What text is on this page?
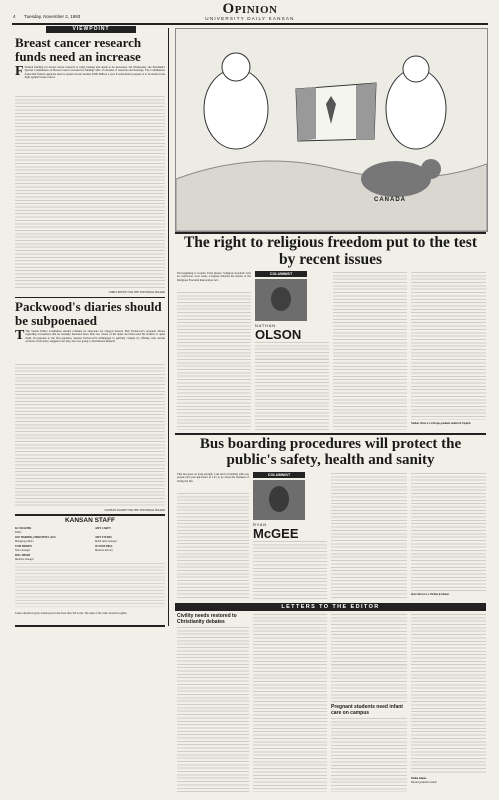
4 Tuesday, November 2, 1993	Opinion
UNIVERSITY DAILY KANSAN
VIEWPOINT
Breast cancer research funds need an increase
F Federal funding for breast cancer research is sadly lacking and needs to be increased. On Wednesday, the President's Special Commission on Breast Cancer revealed its findings after 15 months of research and hearings. The Commission found that federal agencies need to spend at least another $500 million a year if substantial progress is to be made in the fight against breast cancer.
CHRIS REEDY FOR THE EDITORIAL BOARD
Packwood's diaries should be subpoenaed
T The Senate Ethics Committee should continue its subpoena for Oregon Senator Bob Packwood's personal diaries regarding accusations that he sexually harassed more than two dozen of his aides and then used his staffers to quiet them. In response to the first question, Senator Packwood's willingness to partially comply by offering only certain sections of his diary, suggests foul play; he's not going to incriminate himself.
NATHAN NANSIF FOR THE EDITORIAL BOARD
KANSAN STAFF
KC FRAZIER
Editor
JOE HARDER, CHRISTINE LAUX
Managing editors
TOM HEIDEN
News manager
BILL HESRT
Business manager
AMY CAREY
AMY STUDIO
Retail sales manager
JEANNE BELL
Business director
Letters should be typed, double-spaced and fewer than 350 words. The name of the writer should be legible.
CANADA
The right to religious freedom put to the test by recent issues
COLUMNIST
NATHAN
OLSON
I'm beginning to wonder if the phrase "religious freedom" isn't an oxymoron. Last week, Congress debated the merits of the Religious Freedom Restoration Act.
Nathan Olson is a Chicago graduate student in English.
Bus boarding procedures will protect the public's safety, health and sanity
COLUMNIST
RYAN
McGEE
This has gone on long enough. I am tired of dealing with you people and your ignorance as I try to go about the business of living my life.
Ryan McGee is a Wichita freshman.
LETTERS TO THE EDITOR
Civility needs restored to Christianity debates
Pregnant students need infant care on campus
Elaine Adams
Hawaii graduate student
